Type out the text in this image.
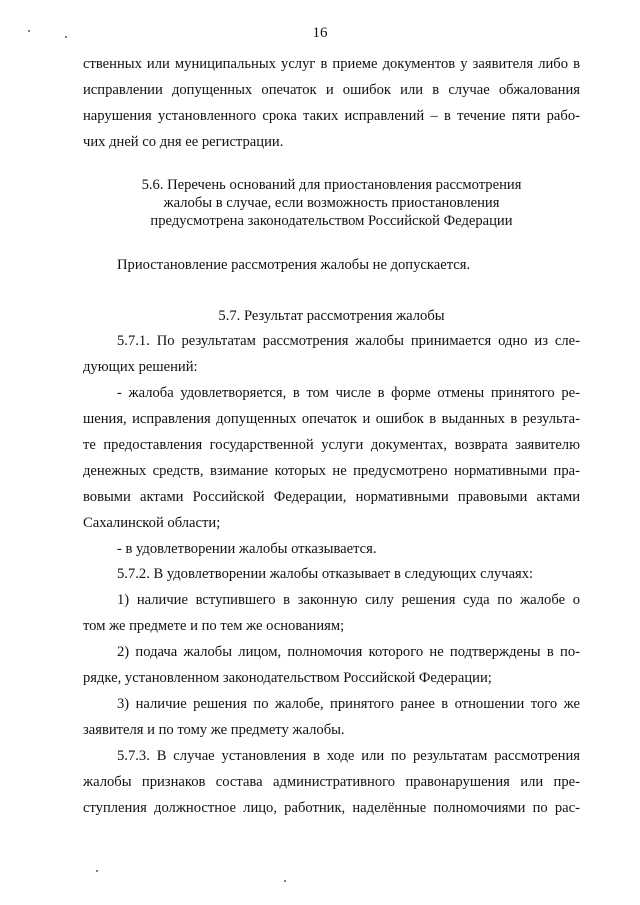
16
ственных или муниципальных услуг в приеме документов у заявителя либо в
исправлении допущенных опечаток и ошибок или в случае обжалования
нарушения установленного срока таких исправлений – в течение пяти рабо-
чих дней со дня ее регистрации.
5.6. Перечень оснований для приостановления рассмотрения
жалобы в случае, если возможность приостановления
предусмотрена законодательством Российской Федерации
Приостановление рассмотрения жалобы не допускается.
5.7. Результат рассмотрения жалобы
5.7.1. По результатам рассмотрения жалобы принимается одно из сле-
дующих решений:
- жалоба удовлетворяется, в том числе в форме отмены принятого ре-
шения, исправления допущенных опечаток и ошибок в выданных в результа-
те предоставления государственной услуги документах, возврата заявителю
денежных средств, взимание которых не предусмотрено нормативными пра-
вовыми актами Российской Федерации, нормативными правовыми актами
Сахалинской области;
- в удовлетворении жалобы отказывается.
5.7.2. В удовлетворении жалобы отказывает в следующих случаях:
1) наличие вступившего в законную силу решения суда по жалобе о
том же предмете и по тем же основаниям;
2) подача жалобы лицом, полномочия которого не подтверждены в по-
рядке, установленном законодательством Российской Федерации;
3) наличие решения по жалобе, принятого ранее в отношении того же
заявителя и по тому же предмету жалобы.
5.7.3. В случае установления в ходе или по результатам рассмотрения
жалобы признаков состава административного правонарушения или пре-
ступления должностное лицо, работник, наделённые полномочиями по рас-
